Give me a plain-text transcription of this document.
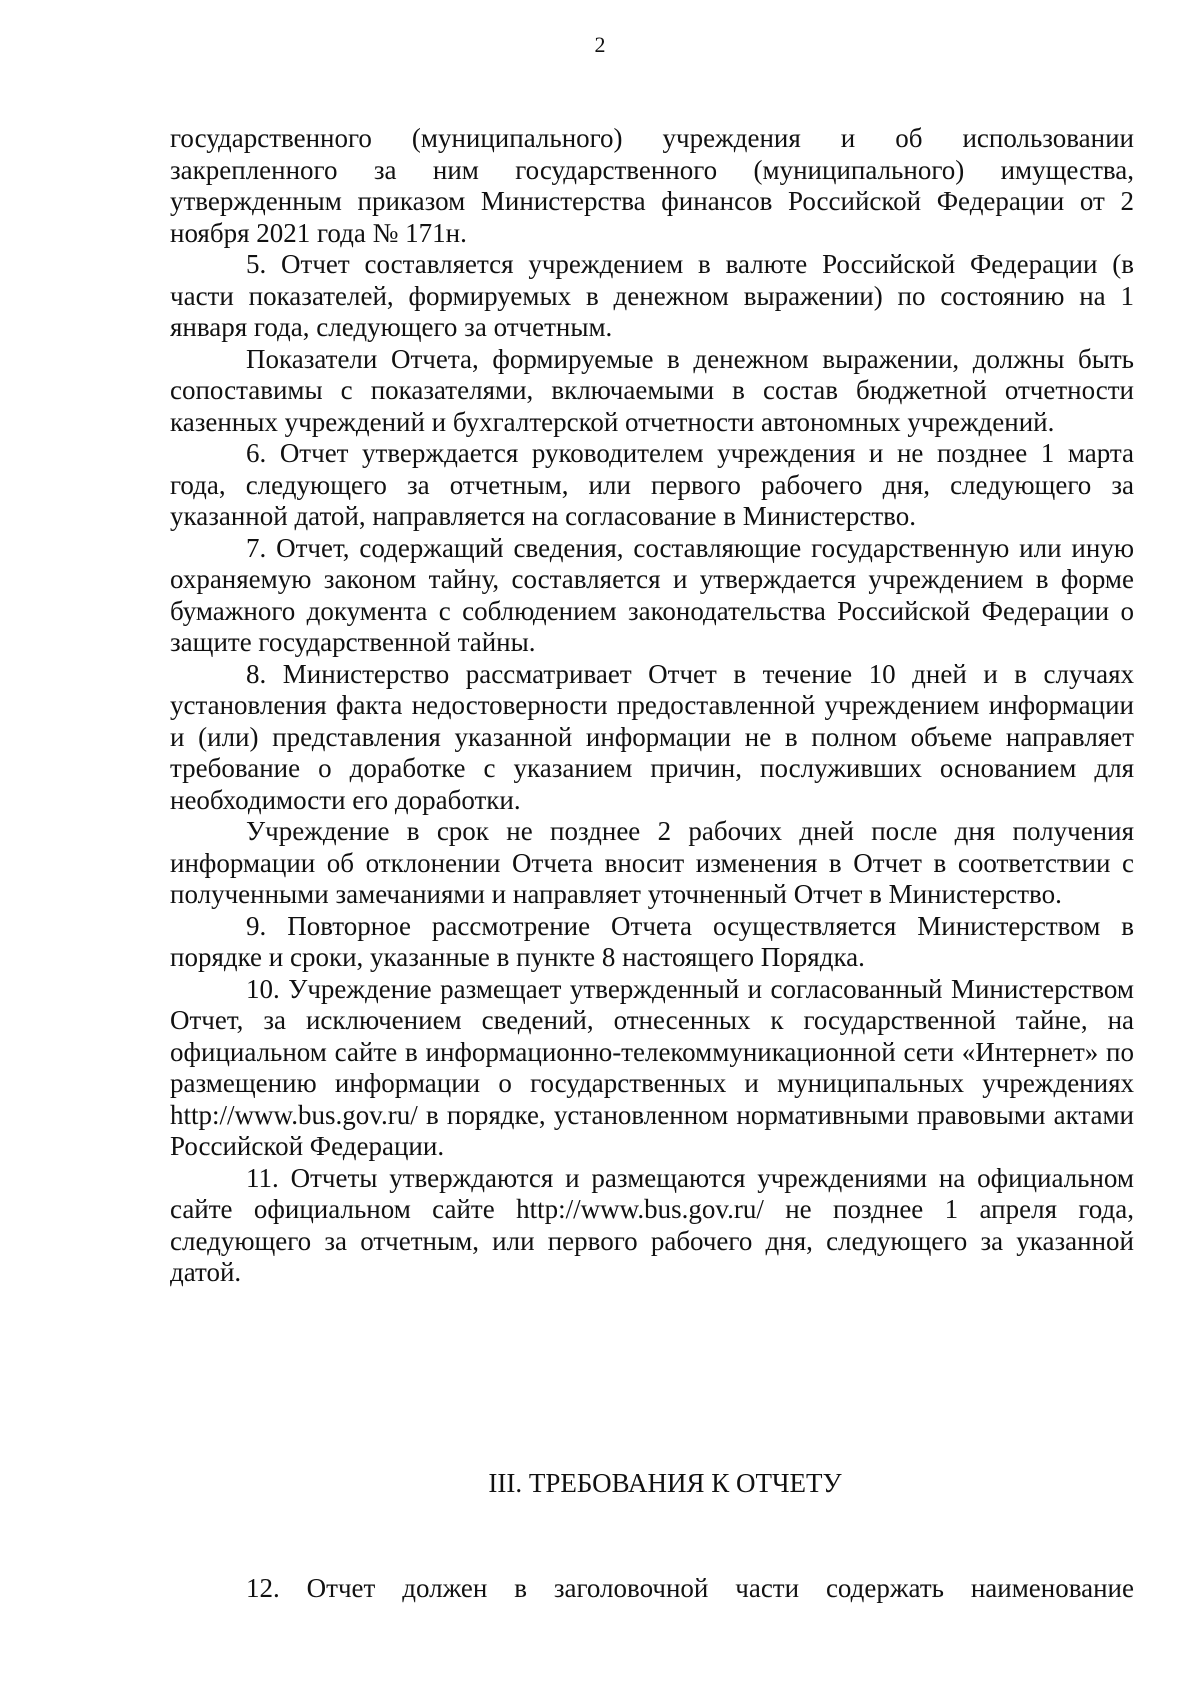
2

государственного (муниципального) учреждения и об использовании закрепленного за ним государственного (муниципального) имущества, утвержденным приказом Министерства финансов Российской Федерации от 2 ноября 2021 года № 171н.

5. Отчет составляется учреждением в валюте Российской Федерации (в части показателей, формируемых в денежном выражении) по состоянию на 1 января года, следующего за отчетным.

Показатели Отчета, формируемые в денежном выражении, должны быть сопоставимы с показателями, включаемыми в состав бюджетной отчетности казенных учреждений и бухгалтерской отчетности автономных учреждений.

6. Отчет утверждается руководителем учреждения и не позднее 1 марта года, следующего за отчетным, или первого рабочего дня, следующего за указанной датой, направляется на согласование в Министерство.

7. Отчет, содержащий сведения, составляющие государственную или иную охраняемую законом тайну, составляется и утверждается учреждением в форме бумажного документа с соблюдением законодательства Российской Федерации о защите государственной тайны.

8. Министерство рассматривает Отчет в течение 10 дней и в случаях установления факта недостоверности предоставленной учреждением информации и (или) представления указанной информации не в полном объеме направляет требование о доработке с указанием причин, послуживших основанием для необходимости его доработки.

Учреждение в срок не позднее 2 рабочих дней после дня получения информации об отклонении Отчета вносит изменения в Отчет в соответствии с полученными замечаниями и направляет уточненный Отчет в Министерство.

9. Повторное рассмотрение Отчета осуществляется Министерством в порядке и сроки, указанные в пункте 8 настоящего Порядка.

10. Учреждение размещает утвержденный и согласованный Министерством Отчет, за исключением сведений, отнесенных к государственной тайне, на официальном сайте в информационно-телекоммуникационной сети «Интернет» по размещению информации о государственных и муниципальных учреждениях http://www.bus.gov.ru/ в порядке, установленном нормативными правовыми актами Российской Федерации.

11. Отчеты утверждаются и размещаются учреждениями на официальном сайте официальном сайте http://www.bus.gov.ru/ не позднее 1 апреля года, следующего за отчетным, или первого рабочего дня, следующего за указанной датой.

III. ТРЕБОВАНИЯ К ОТЧЕТУ

12. Отчет должен в заголовочной части содержать наименование
